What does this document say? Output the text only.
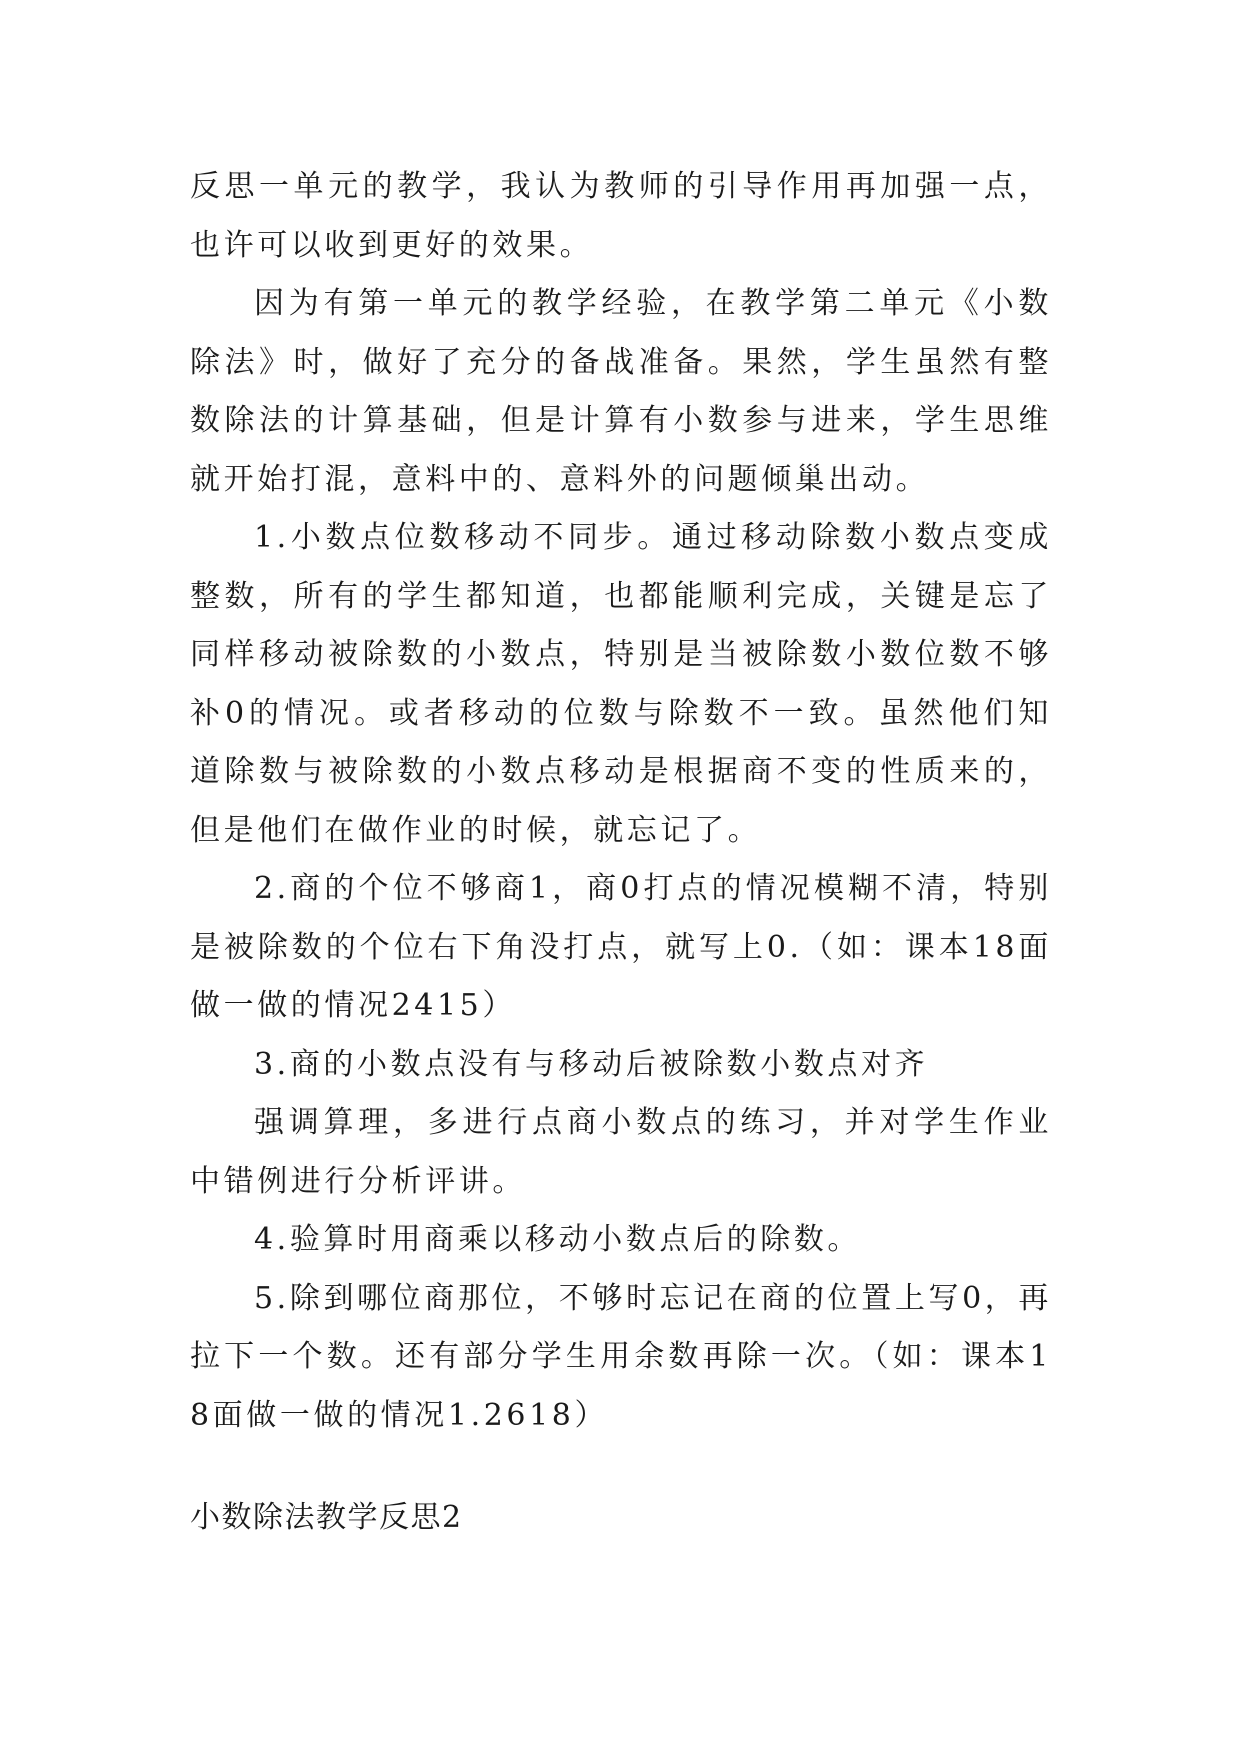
反思一单元的教学，我认为教师的引导作用再加强一点，也许可以收到更好的效果。

因为有第一单元的教学经验，在教学第二单元《小数除法》时，做好了充分的备战准备。果然，学生虽然有整数除法的计算基础，但是计算有小数参与进来，学生思维就开始打混，意料中的、意料外的问题倾巢出动。

1.小数点位数移动不同步。通过移动除数小数点变成整数，所有的学生都知道，也都能顺利完成，关键是忘了同样移动被除数的小数点，特别是当被除数小数位数不够补0的情况。或者移动的位数与除数不一致。虽然他们知道除数与被除数的小数点移动是根据商不变的性质来的，但是他们在做作业的时候，就忘记了。

2.商的个位不够商1，商0打点的情况模糊不清，特别是被除数的个位右下角没打点，就写上0.（如：课本18面做一做的情况2415）

3.商的小数点没有与移动后被除数小数点对齐

强调算理，多进行点商小数点的练习，并对学生作业中错例进行分析评讲。

4.验算时用商乘以移动小数点后的除数。

5.除到哪位商那位，不够时忘记在商的位置上写0，再拉下一个数。还有部分学生用余数再除一次。（如：课本18面做一做的情况1.2618）

小数除法教学反思2
